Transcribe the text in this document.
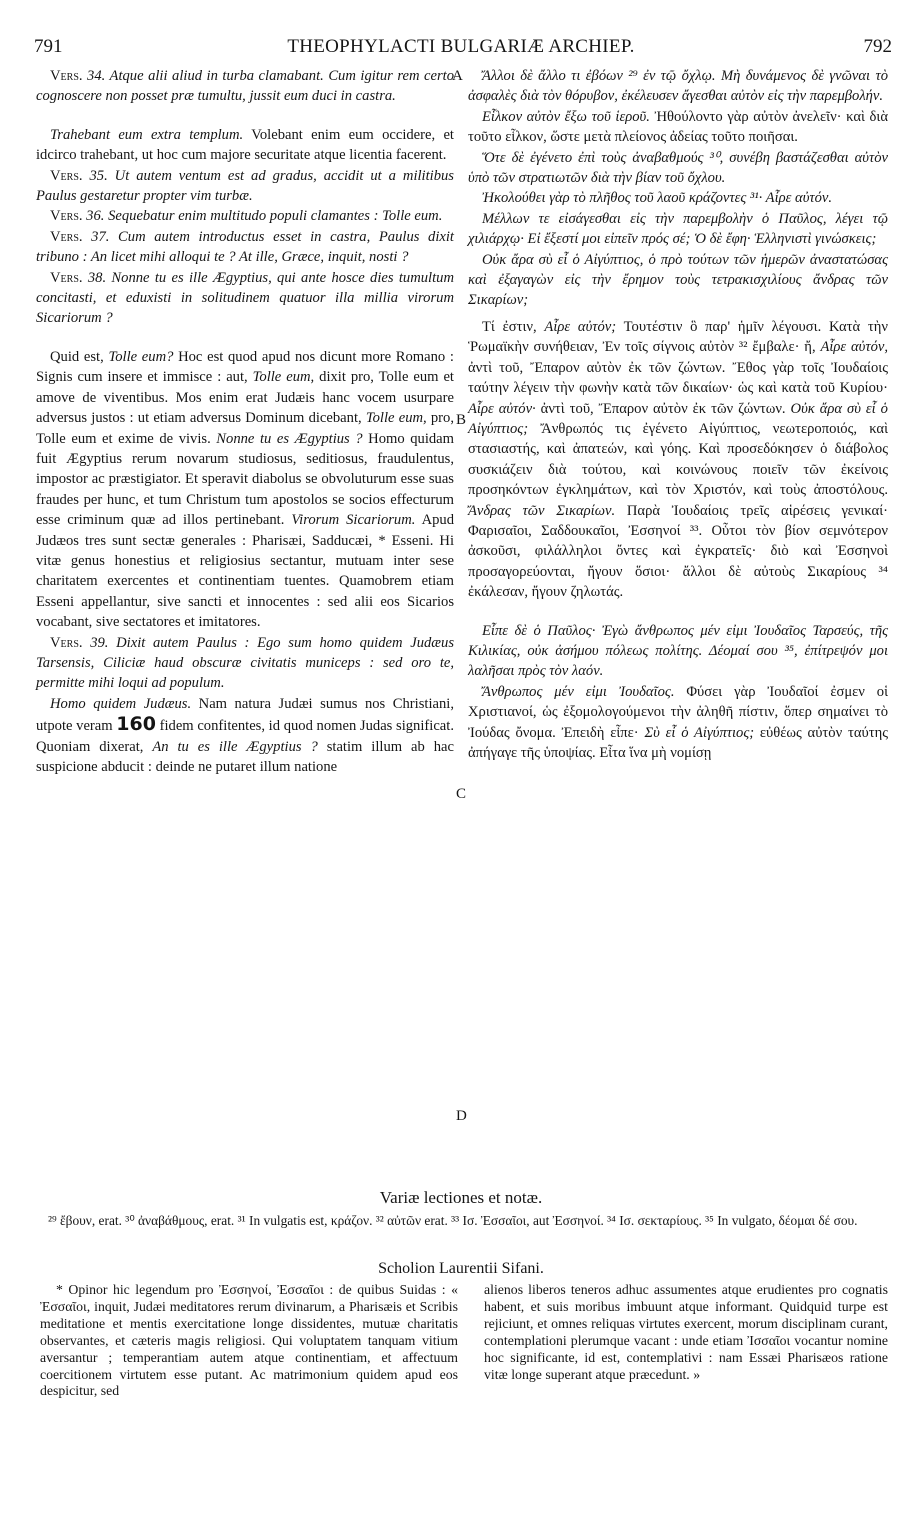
791	THEOPHYLACTI BULGARIÆ ARCHIEP.	792
A
B
C
D

Vers. 34. Atque alii aliud in turba clamabant. Cum igitur rem certo cognoscere non posset præ tumultu, jussit eum duci in castra.

Trahebant eum extra templum. Volebant enim eum occidere, et idcirco trahebant, ut hoc cum majore securitate atque licentia facerent.

Vers. 35. Ut autem ventum est ad gradus, accidit ut a militibus Paulus gestaretur propter vim turbæ.

Vers. 36. Sequebatur enim multitudo populi clamantes : Tolle eum.

Vers. 37. Cum autem introductus esset in castra, Paulus dixit tribuno : An licet mihi alloqui te ? At ille, Græce, inquit, nosti ?

Vers. 38. Nonne tu es ille Ægyptius, qui ante hosce dies tumultum concitasti, et eduxisti in solitudinem quatuor illa millia virorum Sicariorum ?

Quid est, Tolle eum? Hoc est quod apud nos dicunt more Romano : Signis cum insere et immisce : aut, Tolle eum, dixit pro, Tolle eum et amove de viventibus. Mos enim erat Judæis hanc vocem usurpare adversus justos : ut etiam adversus Dominum dicebant, Tolle eum, pro, Tolle eum et exime de vivis. Nonne tu es Ægyptius ? Homo quidam fuit Ægyptius rerum novarum studiosus, seditiosus, fraudulentus, impostor ac præstigiator. Et speravit diabolus se obvoluturum esse suas fraudes per hunc, et tum Christum tum apostolos se socios effecturum esse criminum quæ ad illos pertinebant. Virorum Sicariorum. Apud Judæos tres sunt sectæ generales : Pharisæi, Sadducæi, * Esseni. Hi vitæ genus honestius et religiosius sectantur, mutuam inter sese charitatem exercentes et continentiam tuentes. Quamobrem etiam Esseni appellantur, sive sancti et innocentes : sed alii eos Sicarios vocabant, sive sectatores et imitatores.

Vers. 39. Dixit autem Paulus : Ego sum homo quidem Judæus Tarsensis, Ciliciæ haud obscuræ civitatis municeps : sed oro te, permitte mihi loqui ad populum.

Homo quidem Judæus. Nam natura Judæi sumus nos Christiani, utpote veram 160 fidem confitentes, id quod nomen Judas significat. Quoniam dixerat, An tu es ille Ægyptius ? statim illum ab hac suspicione abducit : deinde ne putaret illum natione

Ἄλλοι δὲ ἄλλο τι ἐβόων ²⁹ ἐν τῷ ὄχλῳ. Μὴ δυνάμενος δὲ γνῶναι τὸ ἀσφαλὲς διὰ τὸν θόρυβον, ἐκέλευσεν ἄγεσθαι αὐτὸν εἰς τὴν παρεμβολήν.

Εἷλκον αὐτὸν ἔξω τοῦ ἱεροῦ. Ἠθούλοντο γὰρ αὐτὸν ἀνελεῖν· καὶ διὰ τοῦτο εἷλκον, ὥστε μετὰ πλείονος ἀδείας τοῦτο ποιῆσαι.

Ὅτε δὲ ἐγένετο ἐπὶ τοὺς ἀναβαθμούς ³⁰, συνέβη βαστάζεσθαι αὐτὸν ὑπὸ τῶν στρατιωτῶν διὰ τὴν βίαν τοῦ ὄχλου.

Ἠκολούθει γὰρ τὸ πλῆθος τοῦ λαοῦ κράζοντες ³¹· Αἶρε αὐτόν.

Μέλλων τε εἰσάγεσθαι εἰς τὴν παρεμβολὴν ὁ Παῦλος, λέγει τῷ χιλιάρχῳ· Εἰ ἔξεστί μοι εἰπεῖν πρός σέ; Ὁ δὲ ἔφη· Ἑλληνιστὶ γινώσκεις;

Οὐκ ἄρα σὺ εἶ ὁ Αἰγύπτιος, ὁ πρὸ τούτων τῶν ἡμερῶν ἀναστατώσας καὶ ἐξαγαγὼν εἰς τὴν ἔρημον τοὺς τετρακισχιλίους ἄνδρας τῶν Σικαρίων;

Τί ἐστιν, Αἶρε αὐτόν; Τουτέστιν ὃ παρ' ἡμῖν λέγουσι. Κατὰ τὴν Ῥωμαϊκὴν συνήθειαν, Ἐν τοῖς σίγνοις αὐτὸν ³² ἔμβαλε· ἤ, Αἶρε αὐτόν, ἀντὶ τοῦ, Ἔπαρον αὐτὸν ἐκ τῶν ζώντων. Ἔθος γὰρ τοῖς Ἰουδαίοις ταύτην λέγειν τὴν φωνὴν κατὰ τῶν δικαίων· ὡς καὶ κατὰ τοῦ Κυρίου· Αἶρε αὐτόν· ἀντὶ τοῦ, Ἔπαρον αὐτὸν ἐκ τῶν ζώντων. Οὐκ ἄρα σὺ εἶ ὁ Αἰγύπτιος; Ἄνθρωπός τις ἐγένετο Αἰγύπτιος, νεωτεροποιός, καὶ στασιαστής, καὶ ἀπατεών, καὶ γόης. Καὶ προσεδόκησεν ὁ διάβολος συσκιάζειν διὰ τούτου, καὶ κοινώνους ποιεῖν τῶν ἐκείνοις προσηκόντων ἐγκλημάτων, καὶ τὸν Χριστόν, καὶ τοὺς ἀποστόλους. Ἄνδρας τῶν Σικαρίων. Παρὰ Ἰουδαίοις τρεῖς αἱρέσεις γενικαί· Φαρισαῖοι, Σαδδουκαῖοι, Ἐσσηνοί ³³. Οὗτοι τὸν βίον σεμνότερον ἀσκοῦσι, φιλάλληλοι ὄντες καὶ ἐγκρατεῖς· διὸ καὶ Ἐσσηνοὶ προσαγορεύονται, ἤγουν ὅσιοι· ἄλλοι δὲ αὐτοὺς Σικαρίους ³⁴ ἐκάλεσαν, ἤγουν ζηλωτάς.

Εἶπε δὲ ὁ Παῦλος· Ἐγὼ ἄνθρωπος μέν εἰμι Ἰουδαῖος Ταρσεύς, τῆς Κιλικίας, οὐκ ἀσήμου πόλεως πολίτης. Δέομαί σου ³⁵, ἐπίτρεψόν μοι λαλῆσαι πρὸς τὸν λαόν.

Ἄνθρωπος μέν εἰμι Ἰουδαῖος. Φύσει γὰρ Ἰουδαῖοί ἐσμεν οἱ Χριστιανοί, ὡς ἐξομολογούμενοι τὴν ἀληθῆ πίστιν, ὅπερ σημαίνει τὸ Ἰούδας ὄνομα. Ἐπειδὴ εἶπε· Σὺ εἶ ὁ Αἰγύπτιος; εὐθέως αὐτὸν ταύτης ἀπήγαγε τῆς ὑποψίας. Εἶτα ἵνα μὴ νομίσῃ

Variæ lectiones et notæ.
²⁹ ἔβουν, erat. ³⁰ ἀναβάθμους, erat. ³¹ In vulgatis est, κράζον. ³² αὐτῶν erat. ³³ Ισ. Ἐσσαῖοι, aut Ἐσσηνοί. ³⁴ Ισ. σεκταρίους. ³⁵ In vulgato, δέομαι δέ σου.
Scholion Laurentii Sifani.
* Opinor hic legendum pro Ἐσσηνοί, Ἐσσαῖοι : de quibus Suidas : « Ἐσσαῖοι, inquit, Judæi meditatores rerum divinarum, a Pharisæis et Scribis meditatione et mentis exercitatione longe dissidentes, mutuæ charitatis observantes, et cæteris magis religiosi. Qui voluptatem tanquam vitium aversantur ; temperantiam autem atque continentiam, et affectuum coercitionem virtutem esse putant. Ac matrimonium quidem apud eos despicitur, sed
alienos liberos teneros adhuc assumentes atque erudientes pro cognatis habent, et suis moribus imbuunt atque informant. Quidquid turpe est rejiciunt, et omnes reliquas virtutes exercent, morum disciplinam curant, contemplationi plerumque vacant : unde etiam Ἰσσαῖοι vocantur nomine hoc significante, id est, contemplativi : nam Essæi Pharisæos ratione vitæ longe superant atque præcedunt. »
